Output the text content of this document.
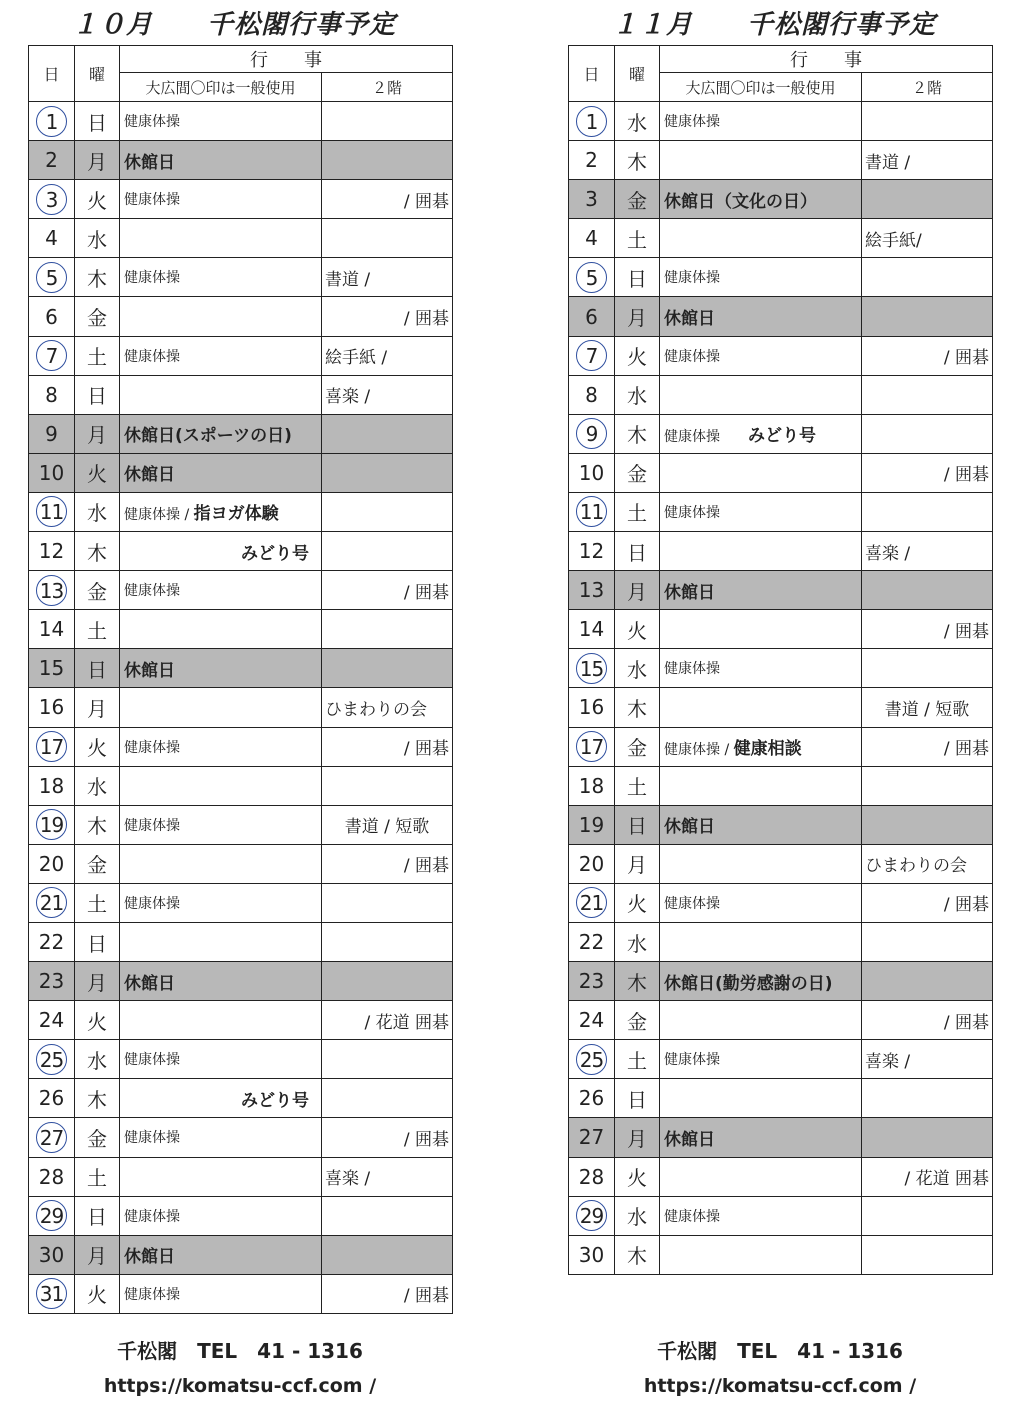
１０月　　千松閣行事予定
日	曜	行　　事	
		大広間〇印は一般使用	２階
1	日	健康体操	
2	月	休館日	
3	火	健康体操	/ 囲碁
4	水		
5	木	健康体操	書道 /
6	金		/ 囲碁
7	土	健康体操	絵手紙 /
8	日		喜楽 /
9	月	休館日(スポーツの日)	
10	火	休館日	
11	水	健康体操 / 指ヨガ体験	
12	木	みどり号	
13	金	健康体操	/ 囲碁
14	土		
15	日	休館日	
16	月		ひまわりの会
17	火	健康体操	/ 囲碁
18	水		
19	木	健康体操	書道 / 短歌
20	金		/ 囲碁
21	土	健康体操	
22	日		
23	月	休館日	
24	火		/ 花道 囲碁
25	水	健康体操	
26	木	みどり号	
27	金	健康体操	/ 囲碁
28	土		喜楽 /
29	日	健康体操	
30	月	休館日	
31	火	健康体操	/ 囲碁
千松閣　TEL　41 - 1316
https://komatsu-ccf.com /
１１月　　千松閣行事予定
日	曜	行　　事	
		大広間〇印は一般使用	２階
1	水	健康体操	
2	木		書道 /
3	金	休館日（文化の日）	
4	土		絵手紙/
5	日	健康体操	
6	月	休館日	
7	火	健康体操	/ 囲碁
8	水		
9	木	健康体操　　みどり号	
10	金		/ 囲碁
11	土	健康体操	
12	日		喜楽 /
13	月	休館日	
14	火		/ 囲碁
15	水	健康体操	
16	木		書道 / 短歌
17	金	健康体操 / 健康相談	/ 囲碁
18	土		
19	日	休館日	
20	月		ひまわりの会
21	火	健康体操	/ 囲碁
22	水		
23	木	休館日(勤労感謝の日)	
24	金		/ 囲碁
25	土	健康体操	喜楽 /
26	日		
27	月	休館日	
28	火		/ 花道 囲碁
29	水	健康体操	
30	木		
千松閣　TEL　41 - 1316
https://komatsu-ccf.com /
